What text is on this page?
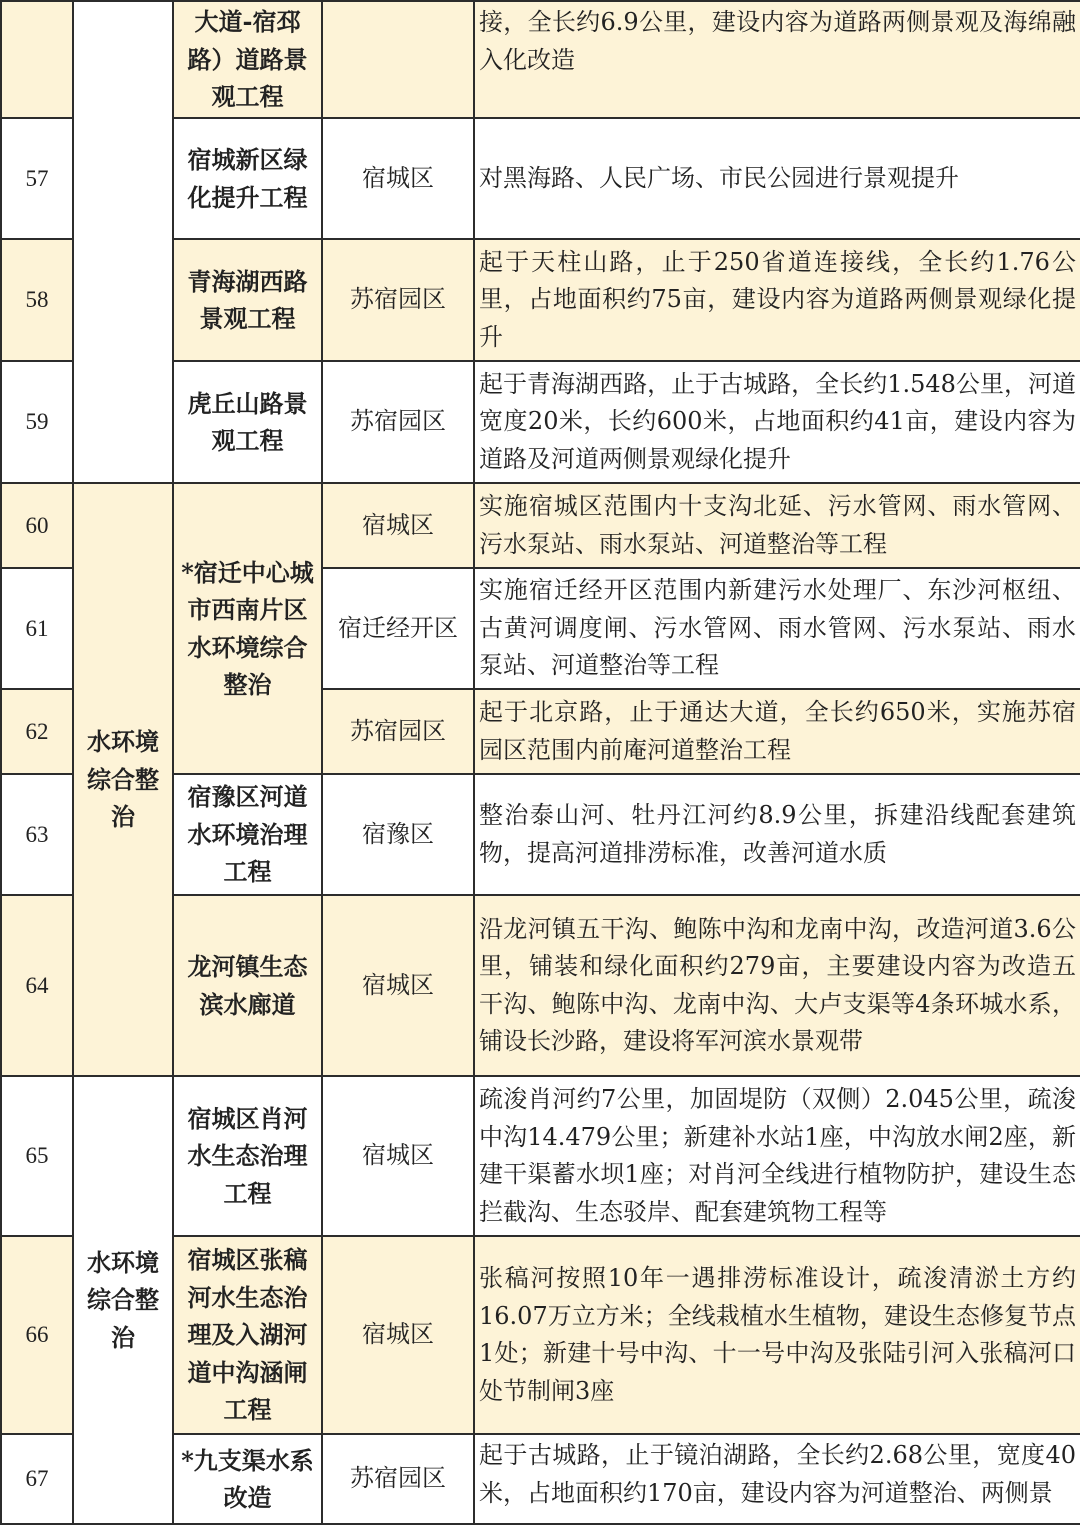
		大道-宿邳路）道路景观工程		接，全长约6.9公里，建设内容为道路两侧景观及海绵融入化改造
57		宿城新区绿化提升工程	宿城区	对黑海路、人民广场、市民公园进行景观提升
58		青海湖西路景观工程	苏宿园区	起于天柱山路，止于250省道连接线，全长约1.76公里，占地面积约75亩，建设内容为道路两侧景观绿化提升
59		虎丘山路景观工程	苏宿园区	起于青海湖西路，止于古城路，全长约1.548公里，河道宽度20米，长约600米，占地面积约41亩，建设内容为道路及河道两侧景观绿化提升
60	水环境综合整治	*宿迁中心城市西南片区水环境综合整治	宿城区	实施宿城区范围内十支沟北延、污水管网、雨水管网、污水泵站、雨水泵站、河道整治等工程
61			宿迁经开区	实施宿迁经开区范围内新建污水处理厂、东沙河枢纽、古黄河调度闸、污水管网、雨水管网、污水泵站、雨水泵站、河道整治等工程
62			苏宿园区	起于北京路，止于通达大道，全长约650米，实施苏宿园区范围内前庵河道整治工程
63		宿豫区河道水环境治理工程	宿豫区	整治泰山河、牡丹江河约8.9公里，拆建沿线配套建筑物，提高河道排涝标准，改善河道水质
64		龙河镇生态滨水廊道	宿城区	沿龙河镇五干沟、鲍陈中沟和龙南中沟，改造河道3.6公里，铺装和绿化面积约279亩，主要建设内容为改造五干沟、鲍陈中沟、龙南中沟、大卢支渠等4条环城水系，铺设长沙路，建设将军河滨水景观带
65	水环境综合整治	宿城区肖河水生态治理工程	宿城区	疏浚肖河约7公里，加固堤防（双侧）2.045公里，疏浚中沟14.479公里；新建补水站1座，中沟放水闸2座，新建干渠蓄水坝1座；对肖河全线进行植物防护，建设生态拦截沟、生态驳岸、配套建筑物工程等
66		宿城区张稿河水生态治理及入湖河道中沟涵闸工程	宿城区	张稿河按照10年一遇排涝标准设计，疏浚清淤土方约16.07万立方米；全线栽植水生植物，建设生态修复节点1处；新建十号中沟、十一号中沟及张陆引河入张稿河口处节制闸3座
67		*九支渠水系改造	苏宿园区	起于古城路，止于镜泊湖路，全长约2.68公里，宽度40米，占地面积约170亩，建设内容为河道整治、两侧景
